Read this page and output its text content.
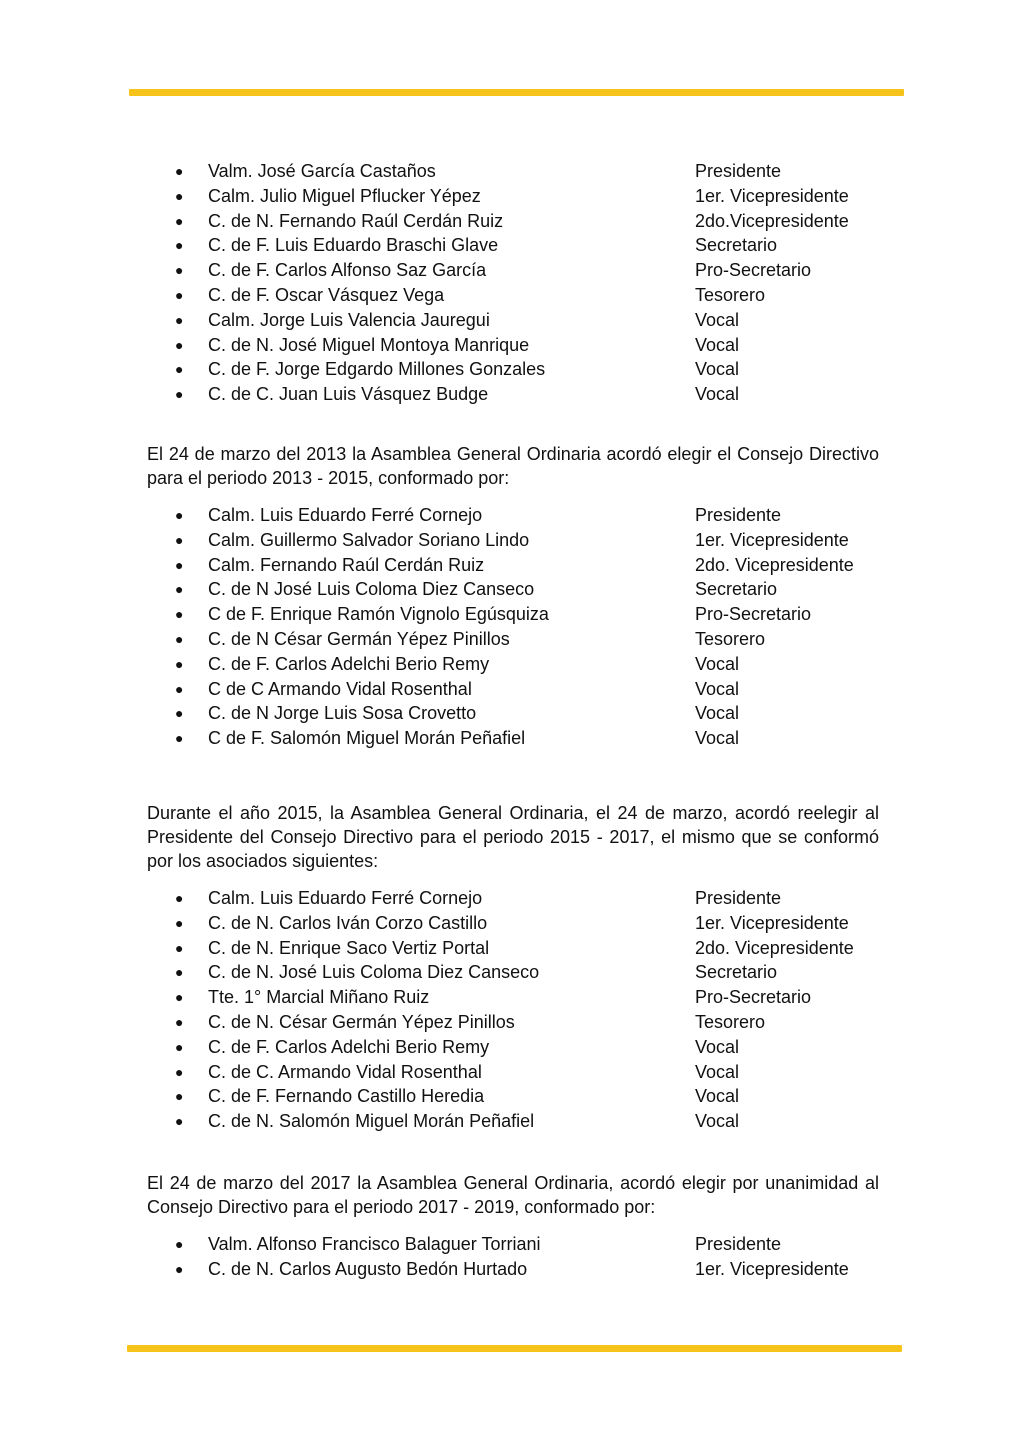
● Valm. José García Castaños	Presidente
● Calm. Julio Miguel Pflucker Yépez	1er. Vicepresidente
● C. de N. Fernando Raúl Cerdán Ruiz	2do.Vicepresidente
● C. de F. Luis Eduardo Braschi Glave	Secretario
● C. de F. Carlos Alfonso Saz García	Pro-Secretario
● C. de F. Oscar Vásquez Vega	Tesorero
● Calm. Jorge Luis Valencia Jauregui	Vocal
● C. de N. José Miguel Montoya Manrique	Vocal
● C. de F. Jorge Edgardo Millones Gonzales	Vocal
● C. de C. Juan Luis Vásquez Budge	Vocal

El 24 de marzo del 2013 la Asamblea General Ordinaria acordó elegir el Consejo Directivo para el periodo 2013 - 2015, conformado por:

● Calm. Luis Eduardo Ferré Cornejo	Presidente
● Calm. Guillermo Salvador Soriano Lindo	1er. Vicepresidente
● Calm. Fernando Raúl Cerdán Ruiz	2do. Vicepresidente
● C. de N José Luis Coloma Diez Canseco	Secretario
● C de F. Enrique Ramón Vignolo Egúsquiza	Pro-Secretario
● C. de N César Germán Yépez Pinillos	Tesorero
● C. de F. Carlos Adelchi Berio Remy	Vocal
● C de C Armando Vidal Rosenthal	Vocal
● C. de N Jorge Luis Sosa Crovetto	Vocal
● C de F. Salomón Miguel Morán Peñafiel	Vocal

Durante el año 2015, la Asamblea General Ordinaria, el 24 de marzo, acordó reelegir al Presidente del Consejo Directivo para el periodo 2015 - 2017, el mismo que se conformó por los asociados siguientes:

● Calm. Luis Eduardo Ferré Cornejo	Presidente
● C. de N. Carlos Iván Corzo Castillo	1er. Vicepresidente
● C. de N. Enrique Saco Vertiz Portal	2do. Vicepresidente
● C. de N. José Luis Coloma Diez Canseco	Secretario
● Tte. 1° Marcial Miñano Ruiz	Pro-Secretario
● C. de N. César Germán Yépez Pinillos	Tesorero
● C. de F. Carlos Adelchi Berio Remy	Vocal
● C. de C. Armando Vidal Rosenthal	Vocal
● C. de F. Fernando Castillo Heredia	Vocal
● C. de N. Salomón Miguel Morán Peñafiel	Vocal

El 24 de marzo del 2017 la Asamblea General Ordinaria, acordó elegir por unanimidad al Consejo Directivo para el periodo 2017 - 2019, conformado por:

● Valm. Alfonso Francisco Balaguer Torriani	Presidente
● C. de N. Carlos Augusto Bedón Hurtado	1er. Vicepresidente
